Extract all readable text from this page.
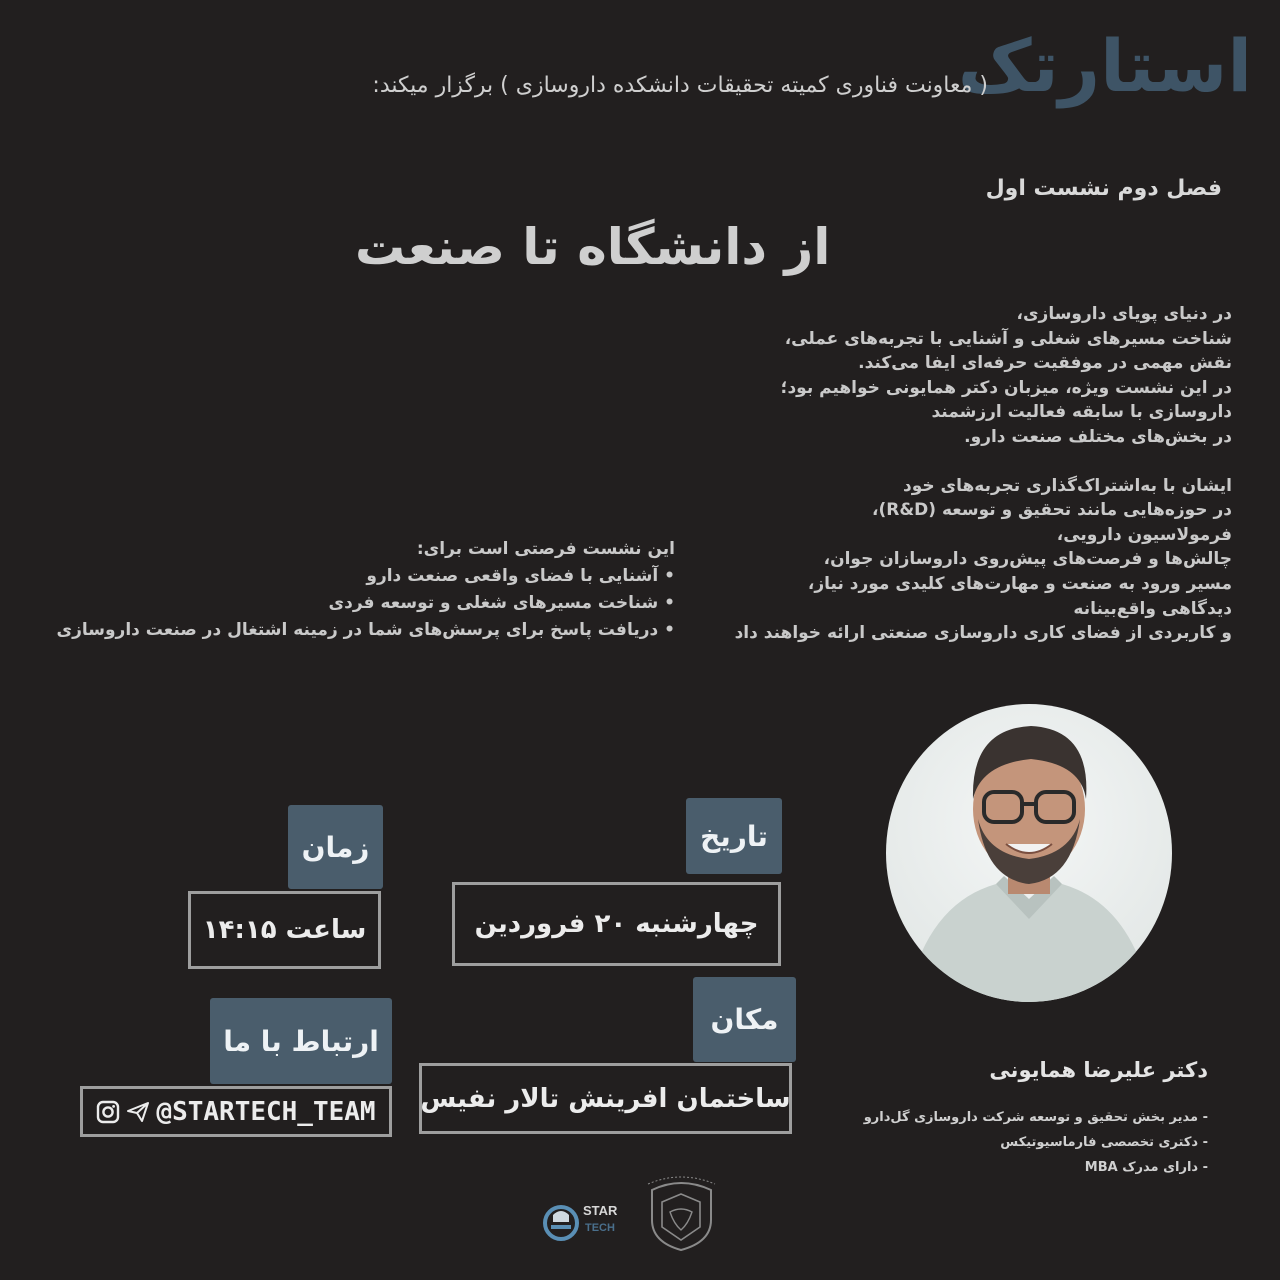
استارتک
( معاونت فناوری کمیته تحقیقات دانشکده داروسازی ) برگزار میکند:
فصل دوم نشست اول
از دانشگاه تا صنعت
در دنیای پویای داروسازی،
شناخت مسیرهای شغلی و آشنایی با تجربه‌های عملی،
نقش مهمی در موفقیت حرفه‌ای ایفا می‌کند.
در این نشست ویژه، میزبان دکتر همایونی خواهیم بود؛
داروسازی با سابقه فعالیت ارزشمند
در بخش‌های مختلف صنعت دارو.
ایشان با به‌اشتراک‌گذاری تجربه‌های خود
در حوزه‌هایی مانند تحقیق و توسعه (R&D)،
فرمولاسیون دارویی،
چالش‌ها و فرصت‌های پیش‌روی داروسازان جوان،
مسیر ورود به صنعت و مهارت‌های کلیدی مورد نیاز،
دیدگاهی واقع‌بینانه
و کاربردی از فضای کاری داروسازی صنعتی ارائه خواهند داد
این نشست فرصتی است برای:
• آشنایی با فضای واقعی صنعت دارو
• شناخت مسیرهای شغلی و توسعه فردی
• دریافت پاسخ برای پرسش‌های شما در زمینه اشتغال در صنعت داروسازی
تاریخ
چهارشنبه ۲۰ فروردین
زمان
ساعت ۱۴:۱۵
مکان
ساختمان افرینش تالار نفیس
ارتباط با ما
@STARTECH_TEAM
دکتر علیرضا همایونی
- مدیر بخش تحقیق و توسعه شرکت داروسازی گل‌دارو
- دکتری تخصصی فارماسیوتیکس
- دارای مدرک MBA
STAR
TECH
